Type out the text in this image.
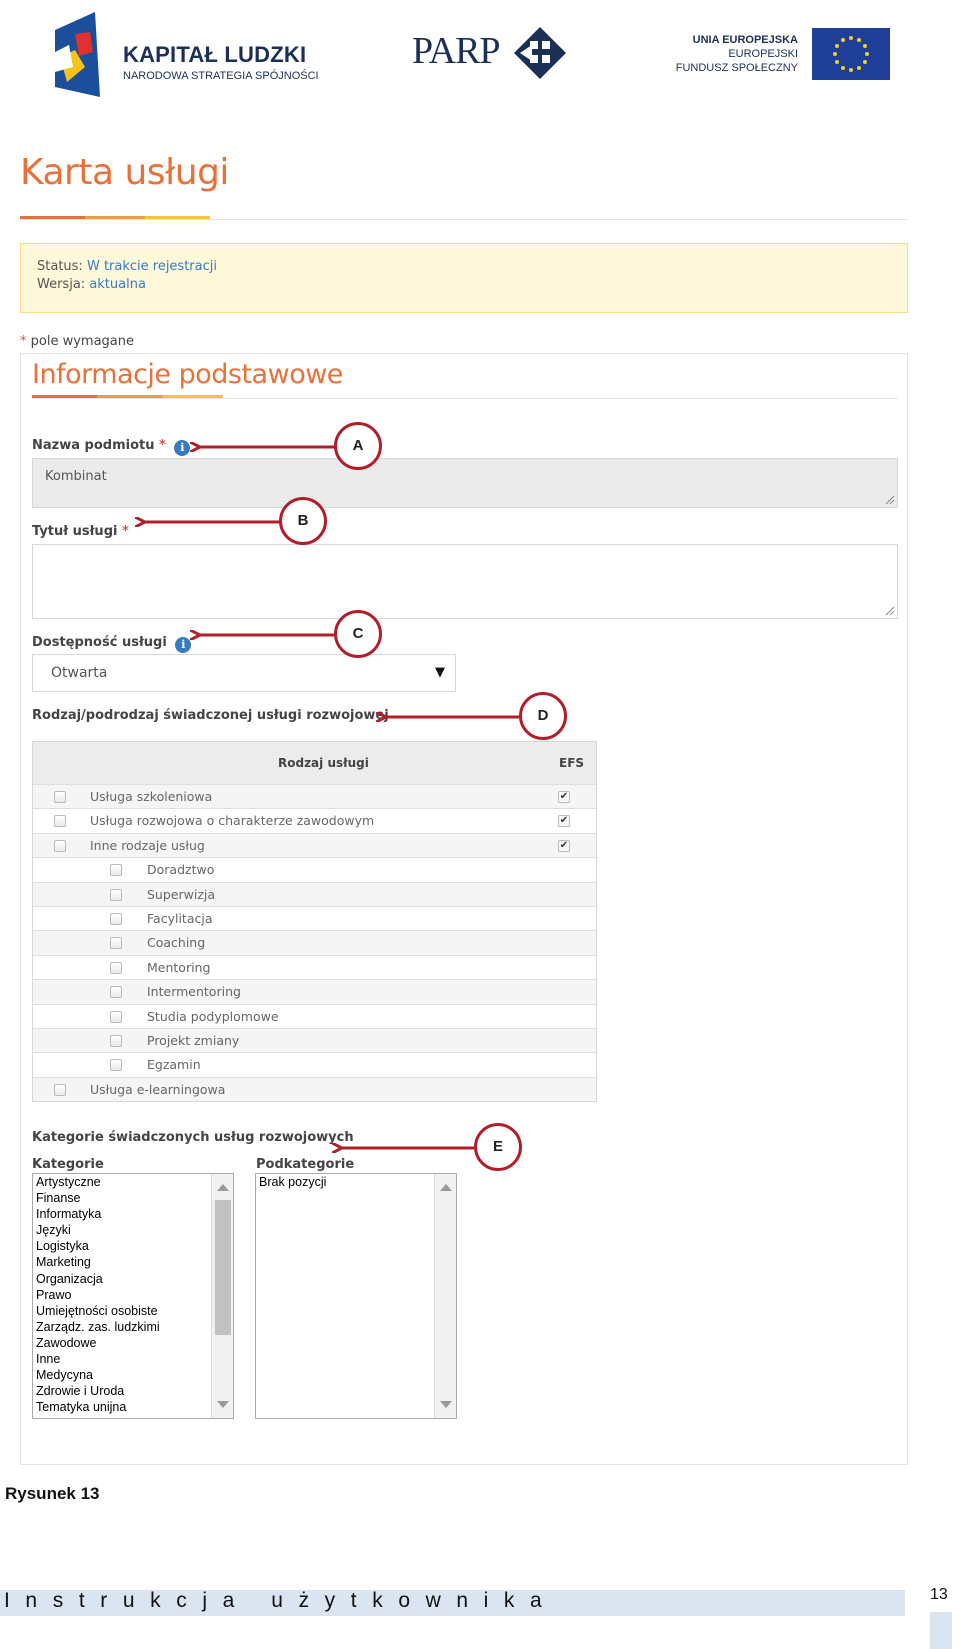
KAPITAŁ LUDZKI
NARODOWA STRATEGIA SPÓJNOŚCI
PARP	UNIA EUROPEJSKA
EUROPEJSKI
FUNDUSZ SPOŁECZNY
Karta usługi
Status: W trakcie rejestracji
Wersja: aktualna
* pole wymagane
Informacje podstawowe
Nazwa podmiotu * i
Kombinat
Tytuł usługi *
Dostępność usługi i
Otwarta	▼
Rodzaj/podrodzaj świadczonej usługi rozwojowej
Rodzaj usługi	EFS
Usługa szkoleniowa	✔
Usługa rozwojowa o charakterze zawodowym	✔
Inne rodzaje usług	✔
Doradztwo
Superwizja
Facylitacja
Coaching
Mentoring
Intermentoring
Studia podyplomowe
Projekt zmiany
Egzamin
Usługa e-learningowa
Kategorie świadczonych usług rozwojowych
Kategorie	Podkategorie
Artystyczne
Finanse
Informatyka
Języki
Logistyka
Marketing
Organizacja
Prawo
Umiejętności osobiste
Zarządz. zas. ludzkimi
Zawodowe
Inne
Medycyna
Zdrowie i Uroda
Tematyka unijna
Brak pozycji
A
B
C
D
E
Rysunek 13
Instrukcja użytkownika	13
